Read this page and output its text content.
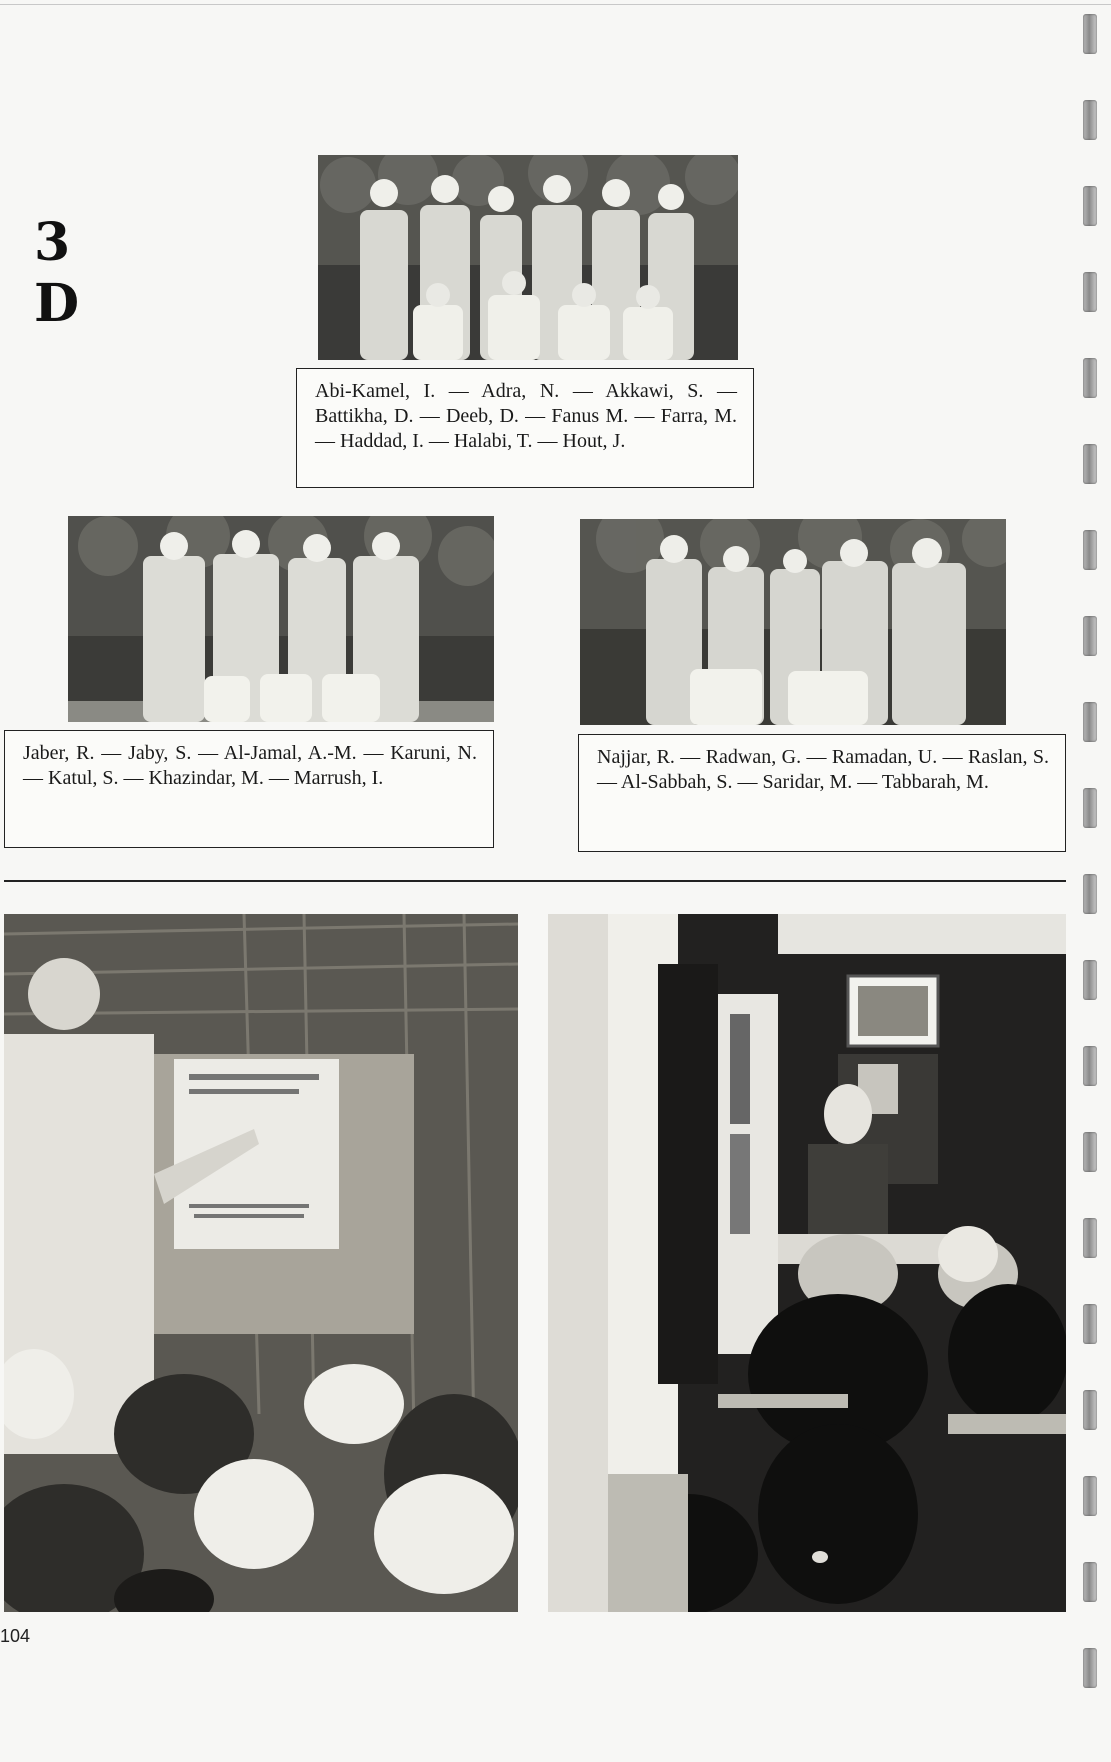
3 D

Abi-Kamel, I. — Adra, N. — Akkawi, S. — Battikha, D. — Deeb, D. — Fanus M. — Farra, M. — Haddad, I. — Halabi, T. — Hout, J.

Jaber, R. — Jaby, S. — Al-Jamal, A.-M. — Karuni, N. — Katul, S. — Khazindar, M. — Marrush, I.

Najjar, R. — Radwan, G. — Ramadan, U. — Raslan, S. — Al-Sabbah, S. — Saridar, M. — Tabbarah, M.

104
